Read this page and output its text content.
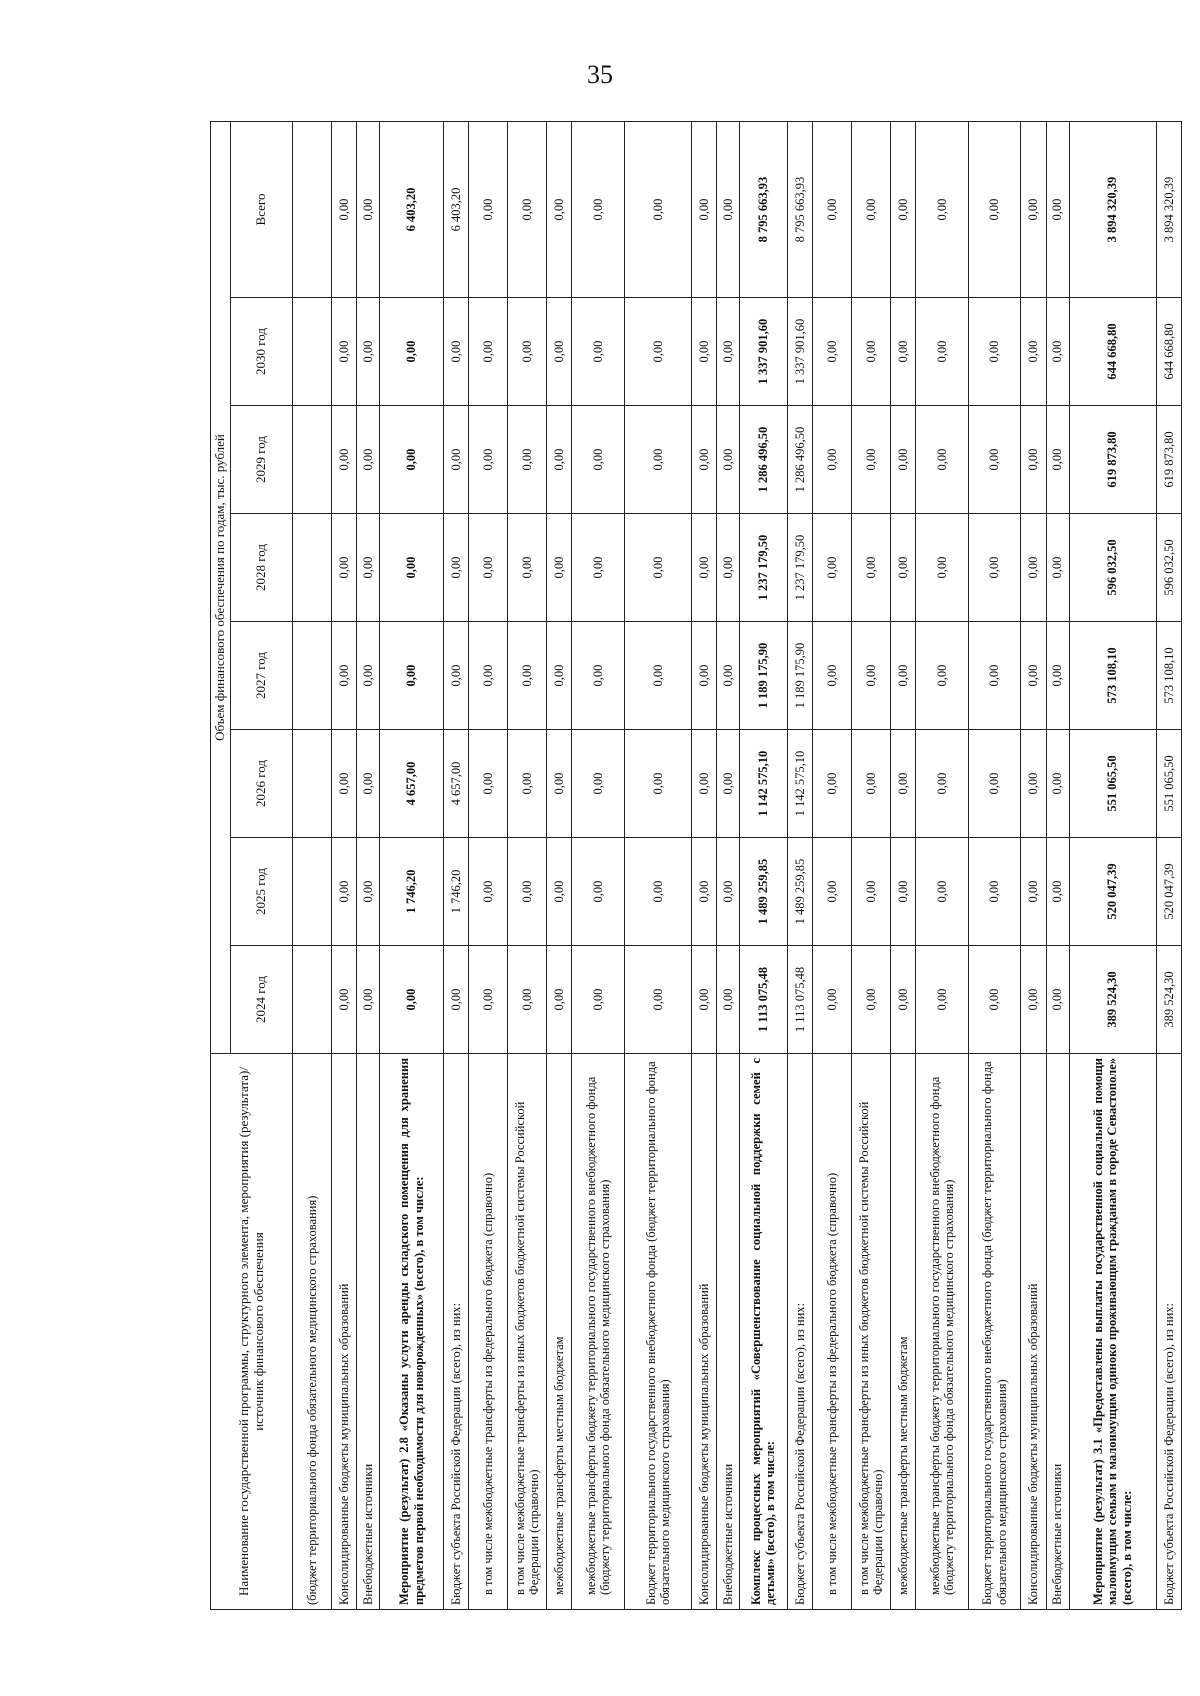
35
Наименование государственной программы, структурного элемента, мероприятия (результата)/источник финансового обеспечения	Объем финансового обеспечения по годам, тыс. рублей							
	2024 год	2025 год	2026 год	2027 год	2028 год	2029 год	2030 год	Всего
(бюджет территориального фонда обязательного медицинского страхования)								
Консолидированные бюджеты муниципальных образований	0,00	0,00	0,00	0,00	0,00	0,00	0,00	0,00
Внебюджетные источники	0,00	0,00	0,00	0,00	0,00	0,00	0,00	0,00
Мероприятие (результат) 2.8 «Оказаны услуги аренды складского помещения для хранения предметов первой необходимости для новорожденных» (всего), в том числе:	0,00	1 746,20	4 657,00	0,00	0,00	0,00	0,00	6 403,20
Бюджет субъекта Российской Федерации (всего), из них:	0,00	1 746,20	4 657,00	0,00	0,00	0,00	0,00	6 403,20
в том числе межбюджетные трансферты из федерального бюджета (справочно)	0,00	0,00	0,00	0,00	0,00	0,00	0,00	0,00
в том числе межбюджетные трансферты из иных бюджетов бюджетной системы Российской Федерации (справочно)	0,00	0,00	0,00	0,00	0,00	0,00	0,00	0,00
межбюджетные трансферты местным бюджетам	0,00	0,00	0,00	0,00	0,00	0,00	0,00	0,00
межбюджетные трансферты бюджету территориального государственного внебюджетного фонда (бюджету территориального фонда обязательного медицинского страхования)	0,00	0,00	0,00	0,00	0,00	0,00	0,00	0,00
Бюджет территориального государственного внебюджетного фонда (бюджет территориального фонда обязательного медицинского страхования)	0,00	0,00	0,00	0,00	0,00	0,00	0,00	0,00
Консолидированные бюджеты муниципальных образований	0,00	0,00	0,00	0,00	0,00	0,00	0,00	0,00
Внебюджетные источники	0,00	0,00	0,00	0,00	0,00	0,00	0,00	0,00
Комплекс процессных мероприятий «Совершенствование социальной поддержки семей с детьми» (всего), в том числе:	1 113 075,48	1 489 259,85	1 142 575,10	1 189 175,90	1 237 179,50	1 286 496,50	1 337 901,60	8 795 663,93
Бюджет субъекта Российской Федерации (всего), из них:	1 113 075,48	1 489 259,85	1 142 575,10	1 189 175,90	1 237 179,50	1 286 496,50	1 337 901,60	8 795 663,93
в том числе межбюджетные трансферты из федерального бюджета (справочно)	0,00	0,00	0,00	0,00	0,00	0,00	0,00	0,00
в том числе межбюджетные трансферты из иных бюджетов бюджетной системы Российской Федерации (справочно)	0,00	0,00	0,00	0,00	0,00	0,00	0,00	0,00
межбюджетные трансферты местным бюджетам	0,00	0,00	0,00	0,00	0,00	0,00	0,00	0,00
межбюджетные трансферты бюджету территориального государственного внебюджетного фонда (бюджету территориального фонда обязательного медицинского страхования)	0,00	0,00	0,00	0,00	0,00	0,00	0,00	0,00
Бюджет территориального государственного внебюджетного фонда (бюджет территориального фонда обязательного медицинского страхования)	0,00	0,00	0,00	0,00	0,00	0,00	0,00	0,00
Консолидированные бюджеты муниципальных образований	0,00	0,00	0,00	0,00	0,00	0,00	0,00	0,00
Внебюджетные источники	0,00	0,00	0,00	0,00	0,00	0,00	0,00	0,00
Мероприятие (результат) 3.1 «Предоставлены выплаты государственной социальной помощи малоимущим семьям и малоимущим одиноко проживающим гражданам в городе Севастополе» (всего), в том числе:	389 524,30	520 047,39	551 065,50	573 108,10	596 032,50	619 873,80	644 668,80	3 894 320,39
Бюджет субъекта Российской Федерации (всего), из них:	389 524,30	520 047,39	551 065,50	573 108,10	596 032,50	619 873,80	644 668,80	3 894 320,39
